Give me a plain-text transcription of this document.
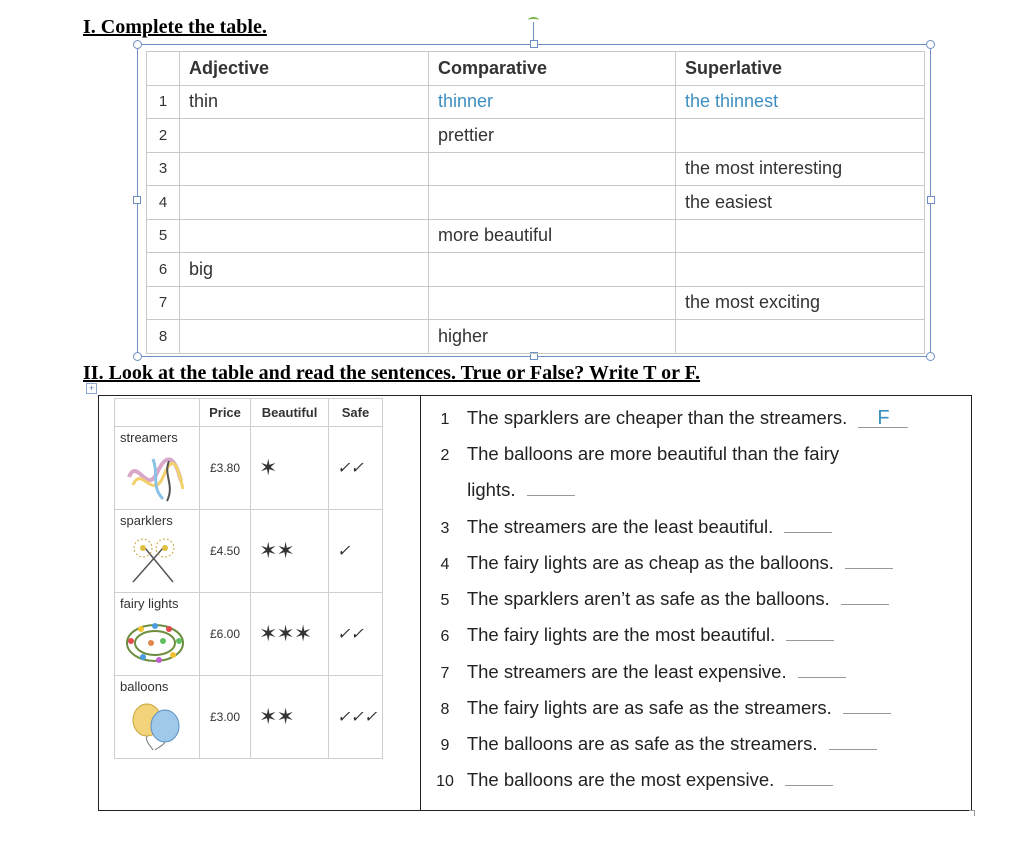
I. Complete the table.
	Adjective	Comparative	Superlative
1	thin	thinner	the thinnest
2		prettier	
3			the most interesting
4			the easiest
5		more beautiful	
6	big		
7			the most exciting
8		higher	
II. Look at the table and read the sentences. True or False? Write T or F.
+
	Price	Beautiful	Safe

streamers	£3.80	✶	✓✓

sparklers	£4.50	✶✶	✓

fairy lights	£6.00	✶✶✶	✓✓

balloons	£3.00	✶✶	✓✓✓
1 The sparklers are cheaper than the streamers. F
2 The balloons are more beautiful than the fairy
lights.
3 The streamers are the least beautiful.
4 The fairy lights are as cheap as the balloons.
5 The sparklers aren’t as safe as the balloons.
6 The fairy lights are the most beautiful.
7 The streamers are the least expensive.
8 The fairy lights are as safe as the streamers.
9 The balloons are as safe as the streamers.
10 The balloons are the most expensive.
